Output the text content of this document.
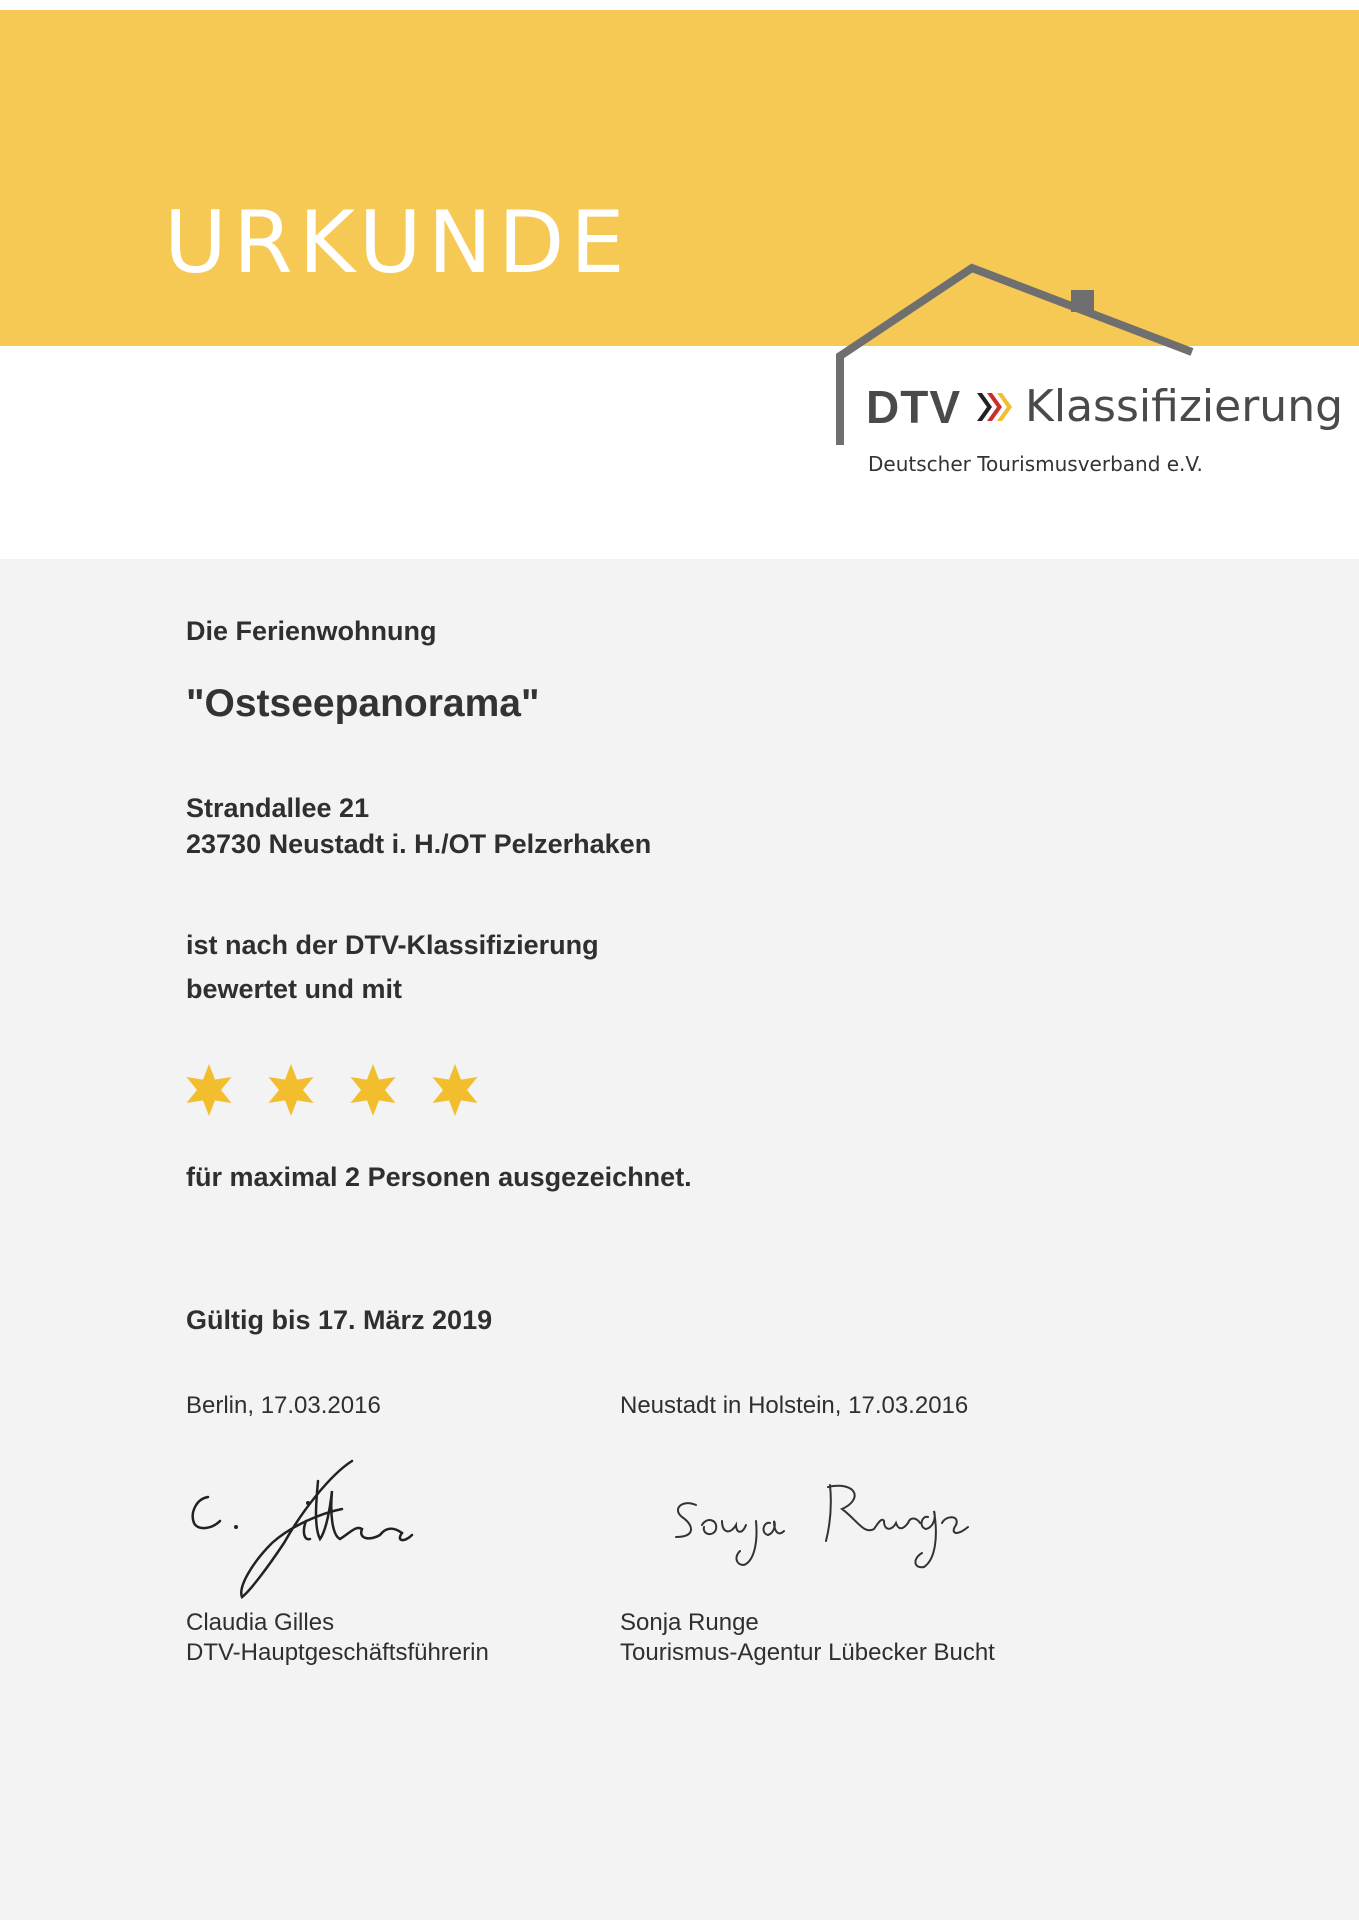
URKUNDE
DTV Klassifizierung
Deutscher Tourismusverband e.V.
Die Ferienwohnung
"Ostseepanorama"
Strandallee 21
23730 Neustadt i. H./OT Pelzerhaken
ist nach der DTV-Klassifizierung
bewertet und mit
für maximal 2 Personen ausgezeichnet.
Gültig bis 17. März 2019
Berlin, 17.03.2016	Neustadt in Holstein, 17.03.2016
Claudia Gilles
DTV-Hauptgeschäftsführerin
Sonja Runge
Tourismus-Agentur Lübecker Bucht
